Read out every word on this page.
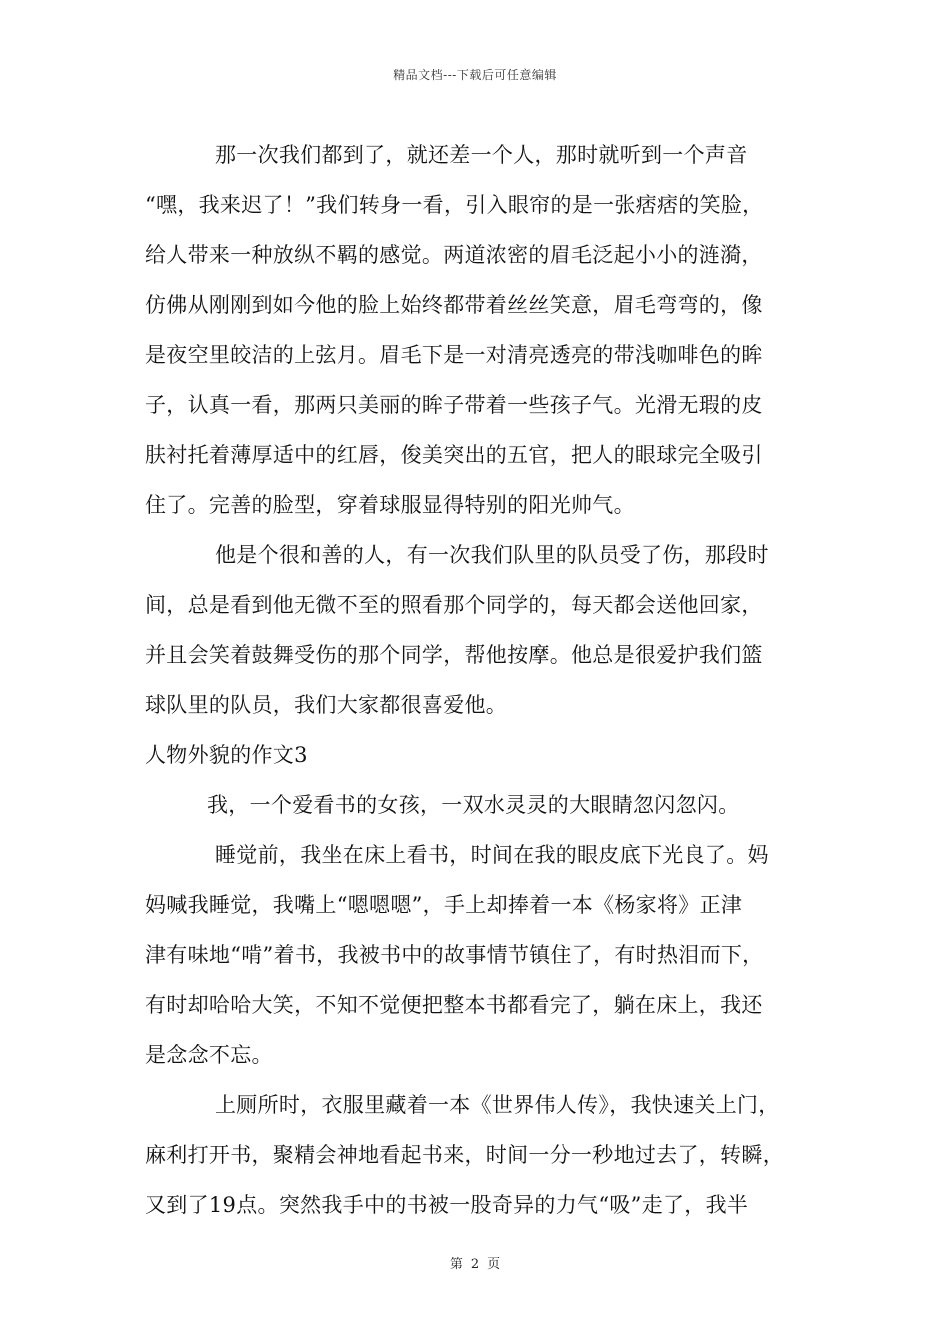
精品文档---下载后可任意编辑
那一次我们都到了，就还差一个人，那时就听到一个声音
“嘿，我来迟了！”我们转身一看，引入眼帘的是一张痞痞的笑脸，
给人带来一种放纵不羁的感觉。两道浓密的眉毛泛起小小的涟漪，
仿佛从刚刚到如今他的脸上始终都带着丝丝笑意，眉毛弯弯的，像
是夜空里皎洁的上弦月。眉毛下是一对清亮透亮的带浅咖啡色的眸
子，认真一看，那两只美丽的眸子带着一些孩子气。光滑无瑕的皮
肤衬托着薄厚适中的红唇，俊美突出的五官，把人的眼球完全吸引
住了。完善的脸型，穿着球服显得特别的阳光帅气。
他是个很和善的人，有一次我们队里的队员受了伤，那段时
间，总是看到他无微不至的照看那个同学的，每天都会送他回家，
并且会笑着鼓舞受伤的那个同学，帮他按摩。他总是很爱护我们篮
球队里的队员，我们大家都很喜爱他。
人物外貌的作文3
我，一个爱看书的女孩，一双水灵灵的大眼睛忽闪忽闪。
睡觉前，我坐在床上看书，时间在我的眼皮底下光良了。妈
妈喊我睡觉，我嘴上“嗯嗯嗯”，手上却捧着一本《杨家将》正津
津有味地“啃”着书，我被书中的故事情节镇住了，有时热泪而下，
有时却哈哈大笑，不知不觉便把整本书都看完了，躺在床上，我还
是念念不忘。
上厕所时，衣服里藏着一本《世界伟人传》，我快速关上门，
麻利打开书，聚精会神地看起书来，时间一分一秒地过去了，转瞬，
又到了19点。突然我手中的书被一股奇异的力气“吸”走了，我半
第 2 页
